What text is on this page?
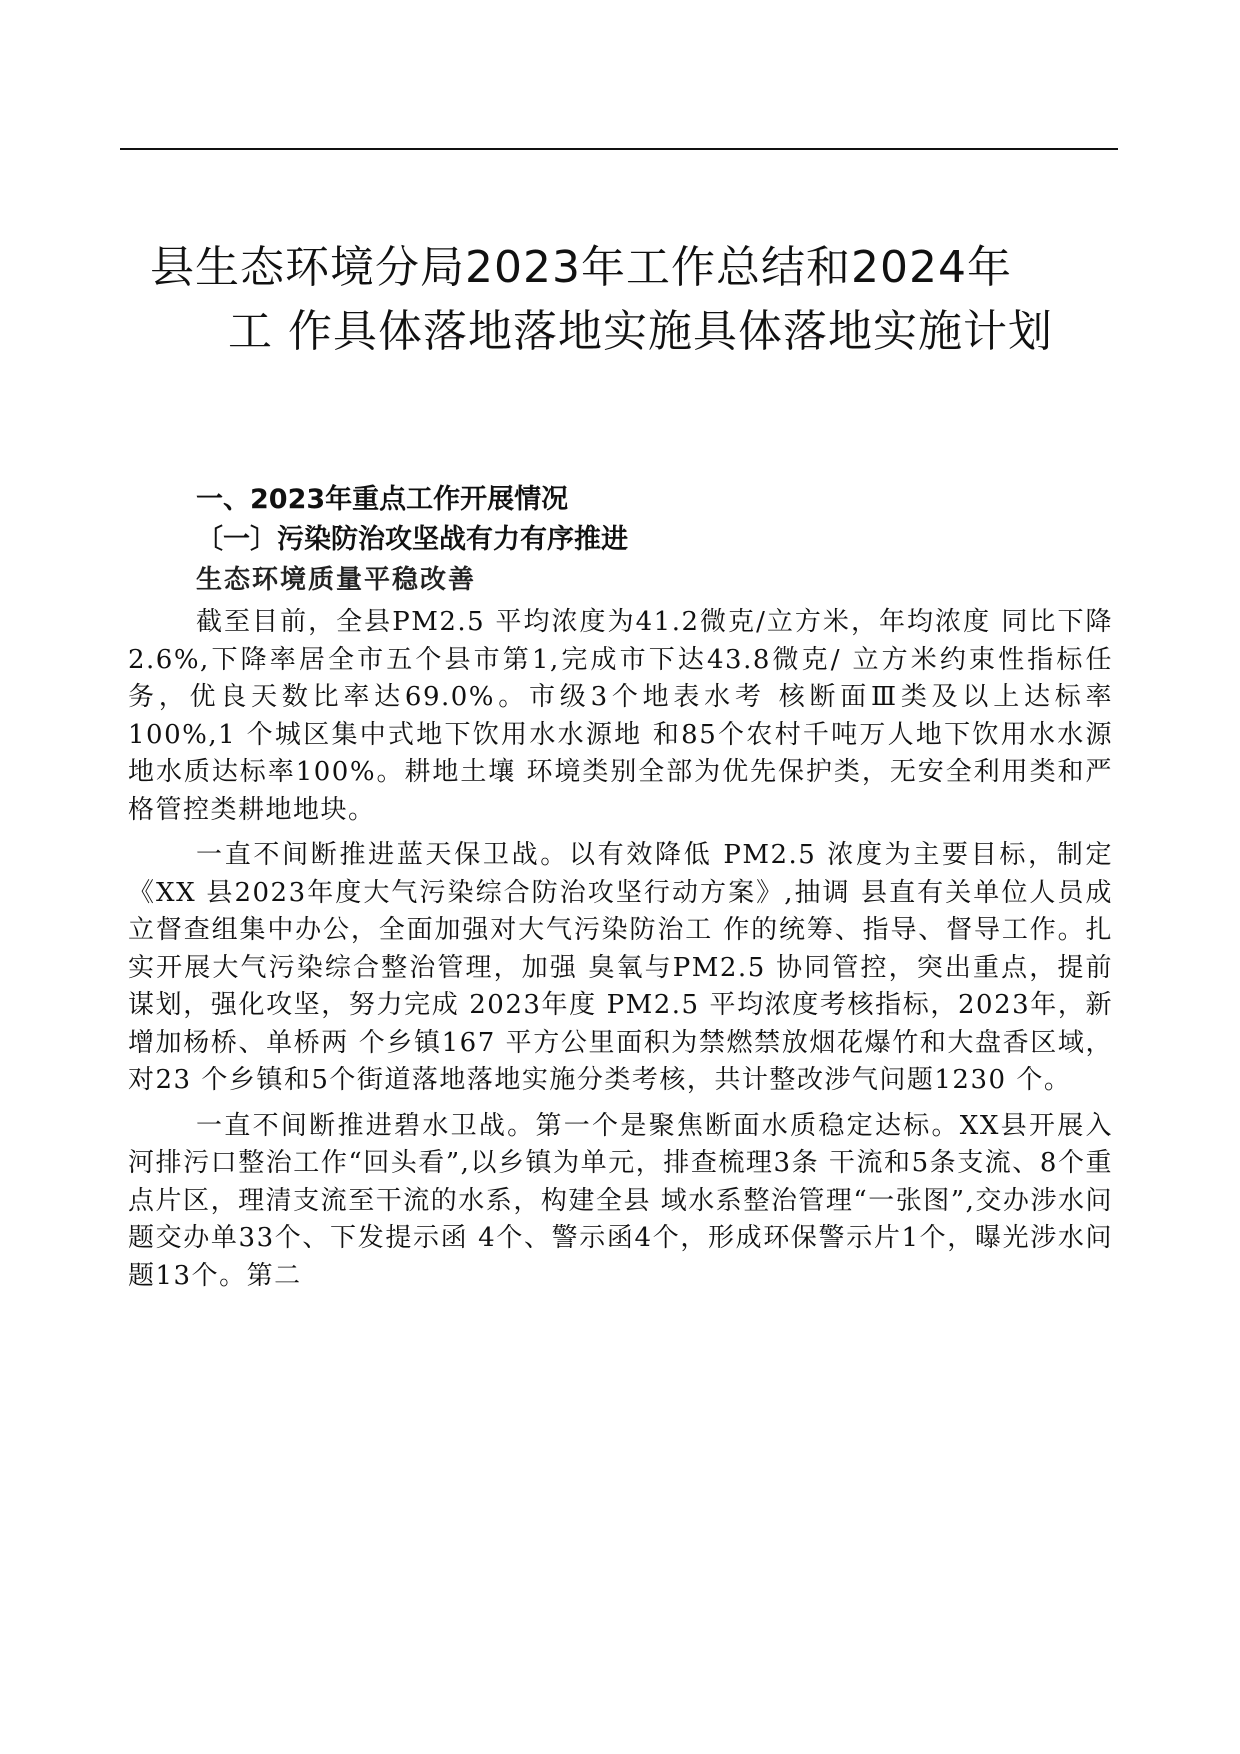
县生态环境分局2023年工作总结和2024年
工 作具体落地落地实施具体落地实施计划
一、2023年重点工作开展情况
〔一〕污染防治攻坚战有力有序推进
生态环境质量平稳改善

截至目前，全县PM2.5 平均浓度为41.2微克/立方米，年均浓度 同比下降2.6%,下降率居全市五个县市第1,完成市下达43.8微克/ 立方米约束性指标任务，优良天数比率达69.0%。市级3个地表水考 核断面Ⅲ类及以上达标率100%,1 个城区集中式地下饮用水水源地 和85个农村千吨万人地下饮用水水源地水质达标率100%。耕地土壤 环境类别全部为优先保护类，无安全利用类和严格管控类耕地地块。

一直不间断推进蓝天保卫战。以有效降低 PM2.5 浓度为主要目标，制定《XX 县2023年度大气污染综合防治攻坚行动方案》,抽调 县直有关单位人员成立督查组集中办公，全面加强对大气污染防治工 作的统筹、指导、督导工作。扎实开展大气污染综合整治管理，加强 臭氧与PM2.5 协同管控，突出重点，提前谋划，强化攻坚，努力完成 2023年度 PM2.5 平均浓度考核指标，2023年，新增加杨桥、单桥两 个乡镇167 平方公里面积为禁燃禁放烟花爆竹和大盘香区域，对23 个乡镇和5个街道落地落地实施分类考核，共计整改涉气问题1230 个。

一直不间断推进碧水卫战。第一个是聚焦断面水质稳定达标。XX县开展入河排污口整治工作“回头看”,以乡镇为单元，排查梳理3条 干流和5条支流、8个重点片区，理清支流至干流的水系，构建全县 域水系整治管理“一张图”,交办涉水问题交办单33个、下发提示函 4个、警示函4个，形成环保警示片1个，曝光涉水问题13个。第二
